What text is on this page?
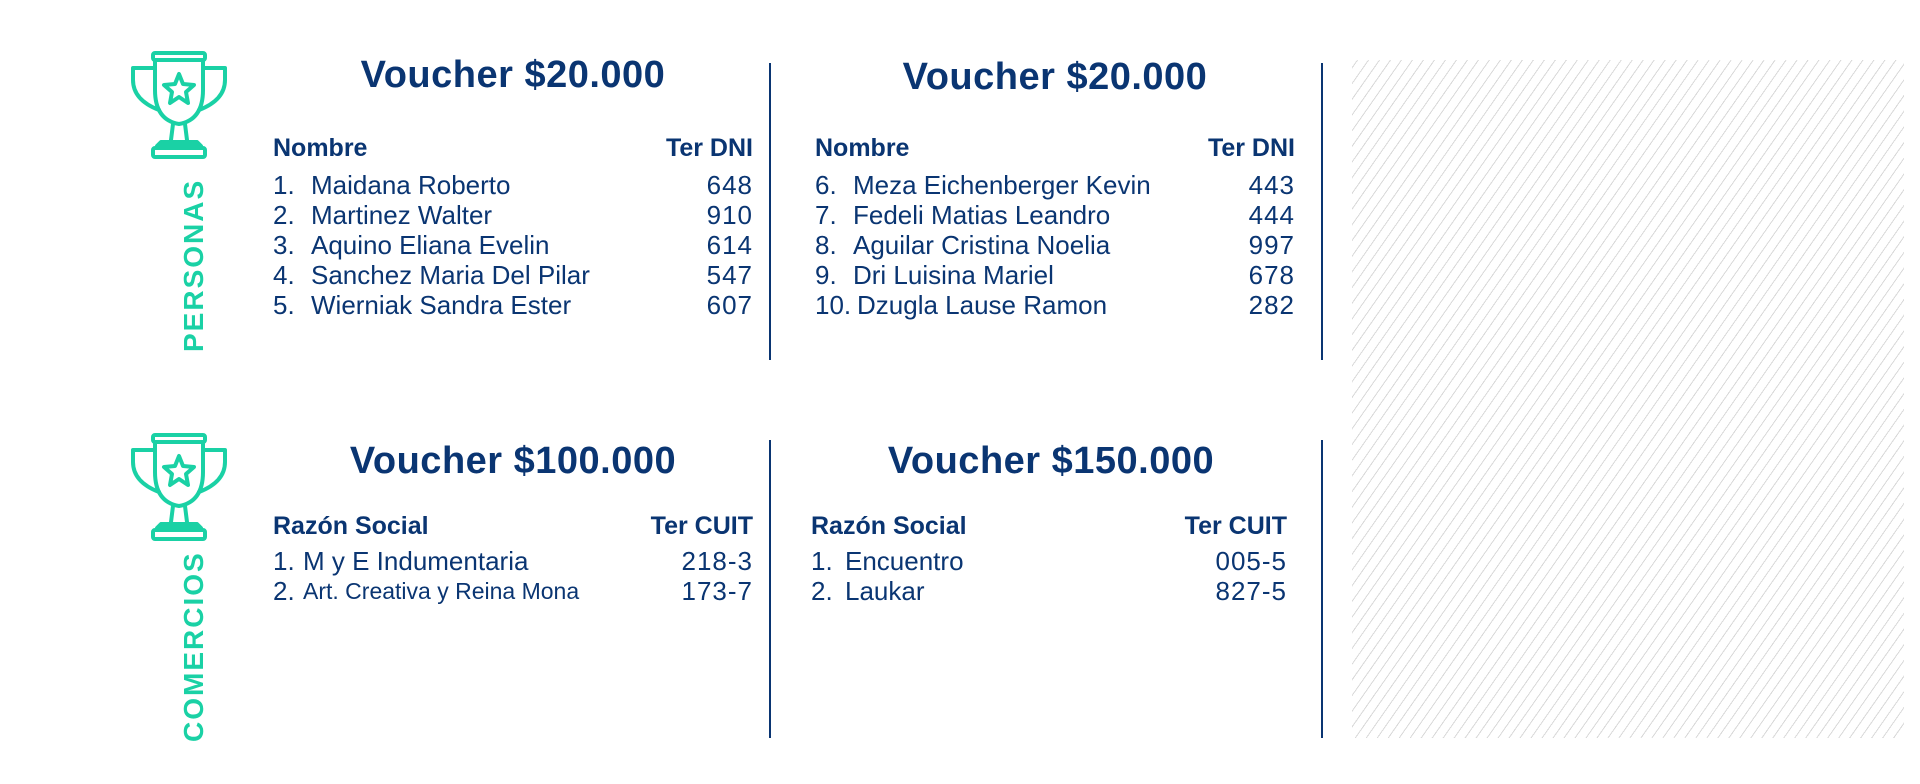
PERSONAS
COMERCIOS
Voucher $20.000
Nombre	Ter DNI
1. Maidana Roberto	648
2. Martinez Walter	910
3. Aquino Eliana Evelin	614
4. Sanchez Maria Del Pilar	547
5. Wierniak Sandra Ester	607
Voucher $20.000
Nombre	Ter DNI
6. Meza Eichenberger Kevin	443
7. Fedeli Matias Leandro	444
8. Aguilar Cristina Noelia	997
9. Dri Luisina Mariel	678
10. Dzugla Lause Ramon	282
Voucher $100.000
Razón Social	Ter CUIT
1. M y E Indumentaria	218-3
2. Art. Creativa y Reina Mona	173-7
Voucher $150.000
Razón Social	Ter CUIT
1. Encuentro	005-5
2. Laukar	827-5
